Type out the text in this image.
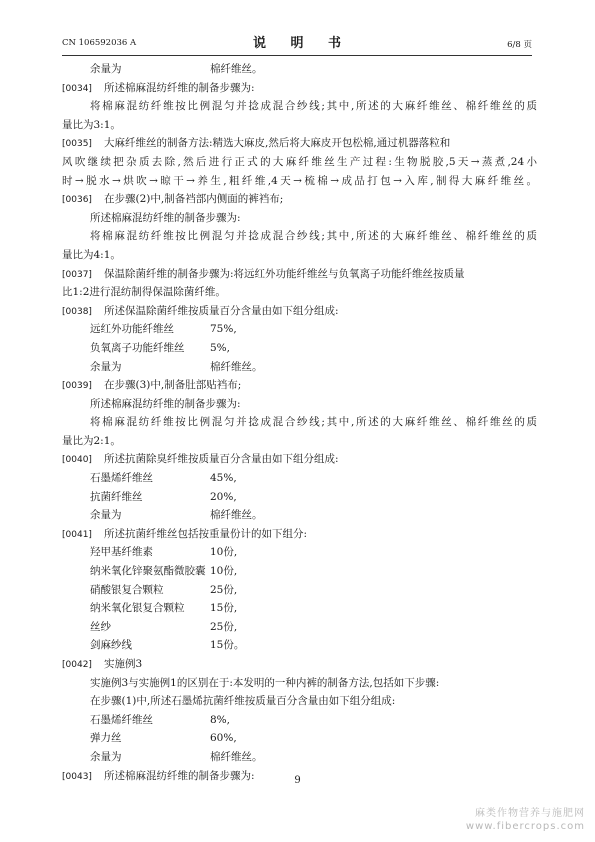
CN 106592036 A	说 明 书	6/8 页
余量为	棉纤维丝。
[0034] 所述棉麻混纺纤维的制备步骤为:
将棉麻混纺纤维按比例混匀并捻成混合纱线;其中,所述的大麻纤维丝、棉纤维丝的质
量比为3:1。
[0035] 大麻纤维丝的制备方法:精选大麻皮,然后将大麻皮开包松棉,通过机器落粒和
风吹继续把杂质去除,然后进行正式的大麻纤维丝生产过程:生物脱胶,5天→蒸煮,24小
时→脱水→烘吹→晾干→养生,粗纤维,4天→梳棉→成品打包→入库,制得大麻纤维丝。
[0036] 在步骤(2)中,制备裆部内侧面的裤裆布;
所述棉麻混纺纤维的制备步骤为:
将棉麻混纺纤维按比例混匀并捻成混合纱线;其中,所述的大麻纤维丝、棉纤维丝的质
量比为4:1。
[0037] 保温除菌纤维的制备步骤为:将远红外功能纤维丝与负氧离子功能纤维丝按质量
比1:2进行混纺制得保温除菌纤维。
[0038] 所述保温除菌纤维按质量百分含量由如下组分组成:
远红外功能纤维丝	75%,
负氧离子功能纤维丝 5%,
余量为	棉纤维丝。
[0039] 在步骤(3)中,制备肚部贴裆布;
所述棉麻混纺纤维的制备步骤为:
将棉麻混纺纤维按比例混匀并捻成混合纱线;其中,所述的大麻纤维丝、棉纤维丝的质
量比为2:1。
[0040] 所述抗菌除臭纤维按质量百分含量由如下组分组成:
石墨烯纤维丝	45%,
抗菌纤维丝	20%,
余量为	棉纤维丝。
[0041] 所述抗菌纤维丝包括按重量份计的如下组分:
羟甲基纤维素	10份,
纳米氧化锌聚氨酯微胶囊 10份,
硝酸银复合颗粒	25份,
纳米氧化银复合颗粒 15份,
丝纱	25份,
剑麻纱线	15份。
[0042] 实施例3
实施例3与实施例1的区别在于:本发明的一种内裤的制备方法,包括如下步骤:
在步骤(1)中,所述石墨烯抗菌纤维按质量百分含量由如下组分组成:
石墨烯纤维丝	8%,
弹力丝	60%,
余量为	棉纤维丝。
[0043] 所述棉麻混纺纤维的制备步骤为:	9
麻类作物营养与施肥网
www.fibercrops.com
